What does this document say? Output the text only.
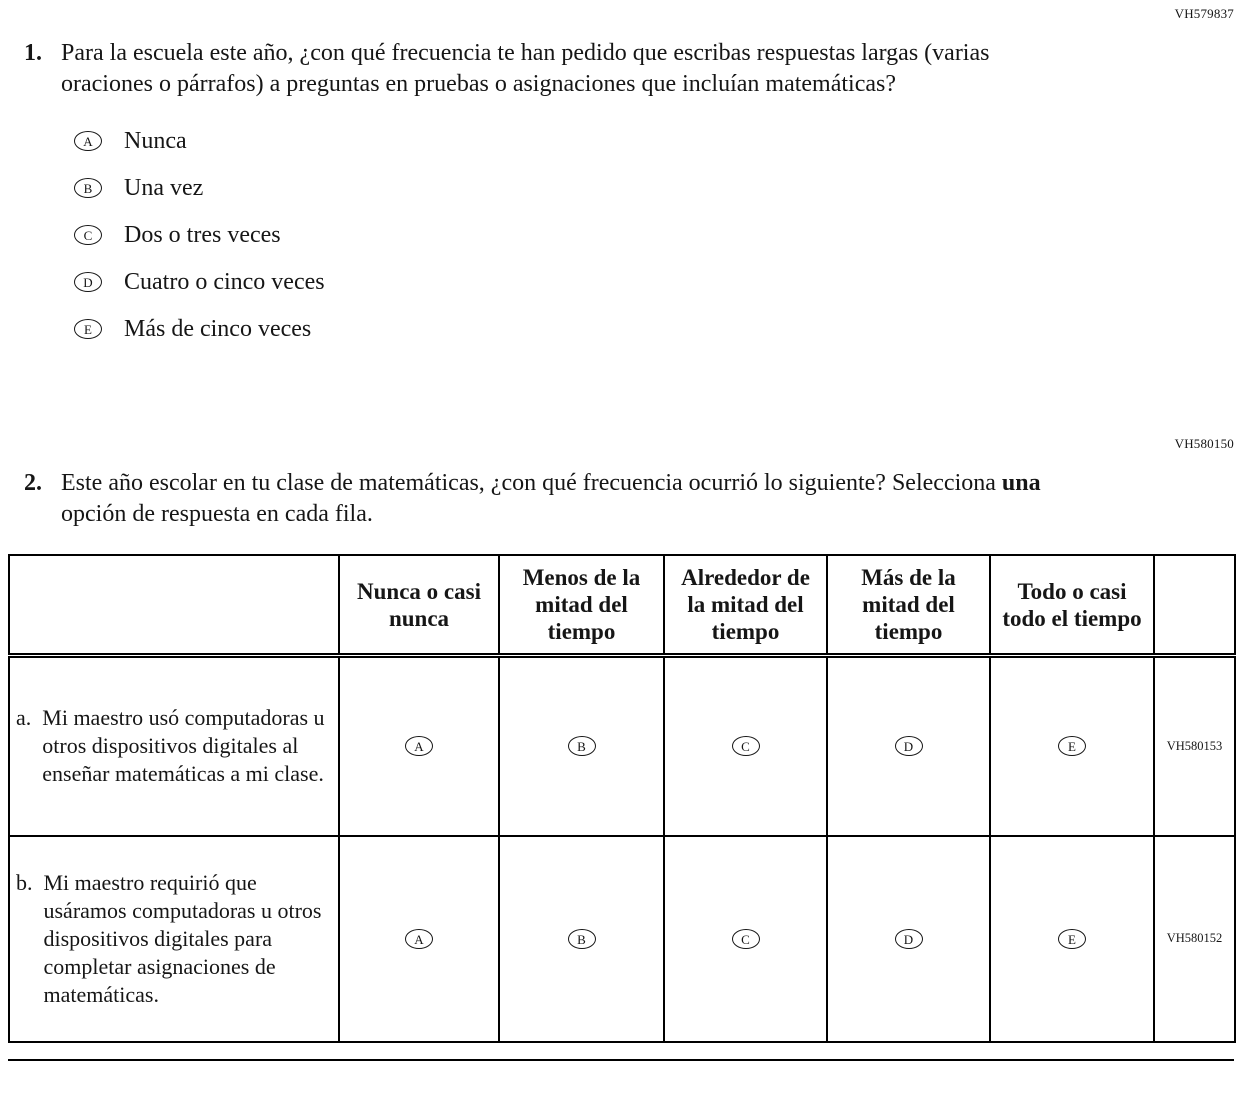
VH579837
1. Para la escuela este año, ¿con qué frecuencia te han pedido que escribas respuestas largas (varias oraciones o párrafos) a preguntas en pruebas o asignaciones que incluían matemáticas?
A	Nunca
B	Una vez
C	Dos o tres veces
D	Cuatro o cinco veces
E	Más de cinco veces
VH580150
2. Este año escolar en tu clase de matemáticas, ¿con qué frecuencia ocurrió lo siguiente? Selecciona una opción de respuesta en cada fila.
	Nunca o casi nunca	Menos de la mitad del tiempo	Alrededor de la mitad del tiempo	Más de la mitad del tiempo	Todo o casi todo el tiempo	

a. Mi maestro usó computadoras u otros dispositivos digitales al enseñar matemáticas a mi clase.	A	B	C	D	E	VH580153

b. Mi maestro requirió que usáramos computadoras u otros dispositivos digitales para completar asignaciones de matemáticas.	A	B	C	D	E	VH580152
